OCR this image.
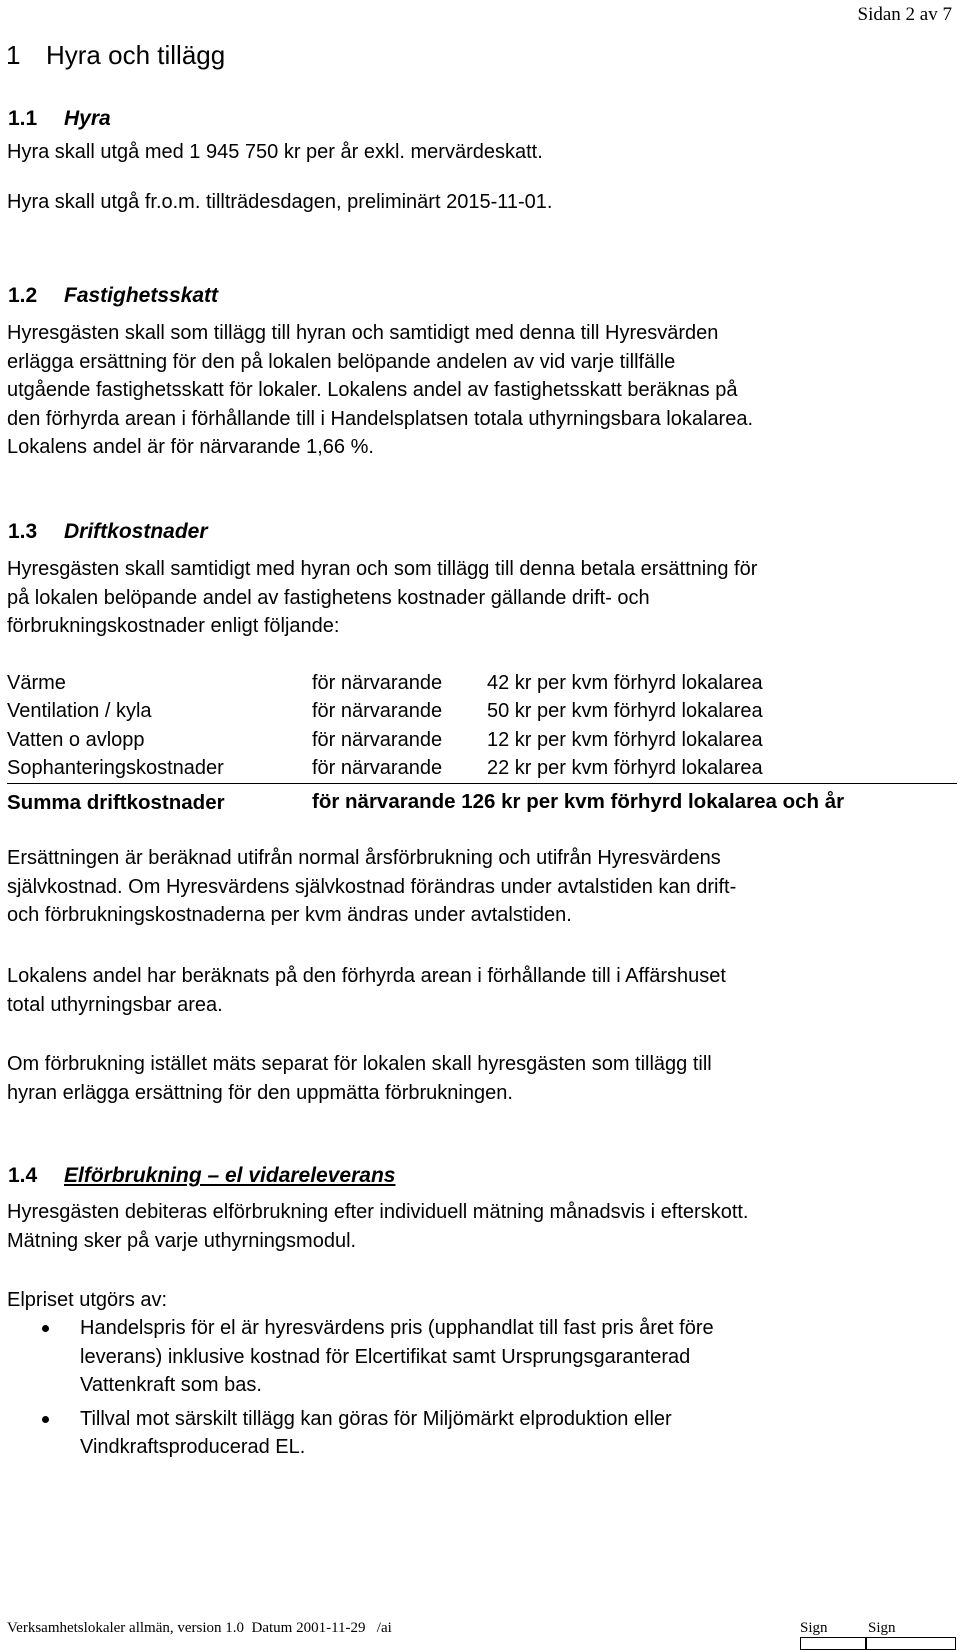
Sidan 2 av 7
1 Hyra och tillägg
1.1 Hyra
Hyra skall utgå med 1 945 750 kr per år exkl. mervärdeskatt.
Hyra skall utgå fr.o.m. tillträdesdagen, preliminärt 2015-11-01.
1.2 Fastighetsskatt
Hyresgästen skall som tillägg till hyran och samtidigt med denna till Hyresvärden
erlägga ersättning för den på lokalen belöpande andelen av vid varje tillfälle
utgående fastighetsskatt för lokaler. Lokalens andel av fastighetsskatt beräknas på
den förhyrda arean i förhållande till i Handelsplatsen totala uthyrningsbara lokalarea.
Lokalens andel är för närvarande 1,66 %.
1.3 Driftkostnader
Hyresgästen skall samtidigt med hyran och som tillägg till denna betala ersättning för
på lokalen belöpande andel av fastighetens kostnader gällande drift- och
förbrukningskostnader enligt följande:
Värme	för närvarande	42 kr per kvm förhyrd lokalarea
Ventilation / kyla	för närvarande	50 kr per kvm förhyrd lokalarea
Vatten o avlopp	för närvarande	12 kr per kvm förhyrd lokalarea
Sophanteringskostnader	för närvarande	22 kr per kvm förhyrd lokalarea
Summa driftkostnader	för närvarande 126 kr per kvm förhyrd lokalarea och år	
Ersättningen är beräknad utifrån normal årsförbrukning och utifrån Hyresvärdens
självkostnad. Om Hyresvärdens självkostnad förändras under avtalstiden kan drift-
och förbrukningskostnaderna per kvm ändras under avtalstiden.
Lokalens andel har beräknats på den förhyrda arean i förhållande till i Affärshuset
total uthyrningsbar area.
Om förbrukning istället mäts separat för lokalen skall hyresgästen som tillägg till
hyran erlägga ersättning för den uppmätta förbrukningen.
1.4 Elförbrukning – el vidareleverans
Hyresgästen debiteras elförbrukning efter individuell mätning månadsvis i efterskott.
Mätning sker på varje uthyrningsmodul.
Elpriset utgörs av:
Handelspris för el är hyresvärdens pris (upphandlat till fast pris året före
leverans) inklusive kostnad för Elcertifikat samt Ursprungsgaranterad
Vattenkraft som bas.
Tillval mot särskilt tillägg kan göras för Miljömärkt elproduktion eller
Vindkraftsproducerad EL.
Verksamhetslokaler allmän, version 1.0  Datum 2001-11-29   /ai	Sign	Sign
